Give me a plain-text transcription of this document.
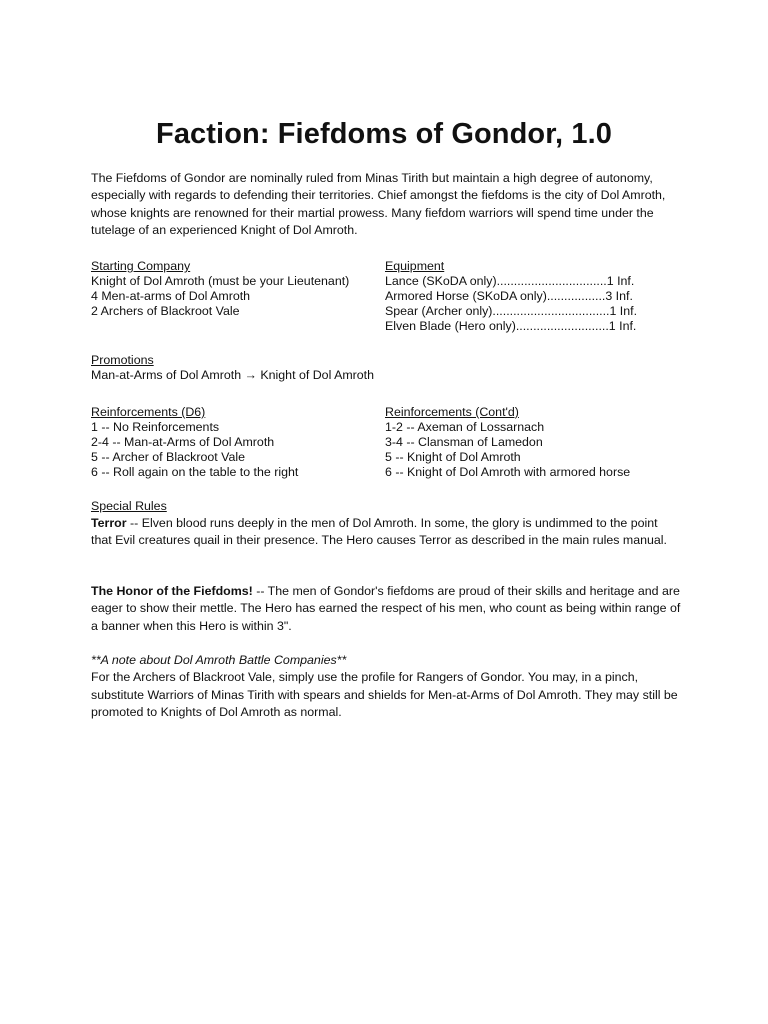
Faction: Fiefdoms of Gondor, 1.0

The Fiefdoms of Gondor are nominally ruled from Minas Tirith but maintain a high degree of autonomy, especially with regards to defending their territories. Chief amongst the fiefdoms is the city of Dol Amroth, whose knights are renowned for their martial prowess. Many fiefdom warriors will spend time under the tutelage of an experienced Knight of Dol Amroth.

Starting Company
Knight of Dol Amroth (must be your Lieutenant)
4 Men-at-arms of Dol Amroth
2 Archers of Blackroot Vale
Equipment
Lance (SKoDA only)................................1 Inf.
Armored Horse (SKoDA only).................3 Inf.
Spear (Archer only)..................................1 Inf.
Elven Blade (Hero only)...........................1 Inf.
Promotions
Man-at-Arms of Dol Amroth → Knight of Dol Amroth
Reinforcements (D6)
1 -- No Reinforcements
2-4 -- Man-at-Arms of Dol Amroth
5 -- Archer of Blackroot Vale
6 -- Roll again on the table to the right
Reinforcements (Cont'd)
1-2 -- Axeman of Lossarnach
3-4 -- Clansman of Lamedon
5 -- Knight of Dol Amroth
6 -- Knight of Dol Amroth with armored horse
Special Rules

Terror -- Elven blood runs deeply in the men of Dol Amroth. In some, the glory is undimmed to the point that Evil creatures quail in their presence. The Hero causes Terror as described in the main rules manual.

The Honor of the Fiefdoms! -- The men of Gondor's fiefdoms are proud of their skills and heritage and are eager to show their mettle. The Hero has earned the respect of his men, who count as being within range of a banner when this Hero is within 3".

**A note about Dol Amroth Battle Companies**
For the Archers of Blackroot Vale, simply use the profile for Rangers of Gondor. You may, in a pinch, substitute Warriors of Minas Tirith with spears and shields for Men-at-Arms of Dol Amroth. They may still be promoted to Knights of Dol Amroth as normal.
